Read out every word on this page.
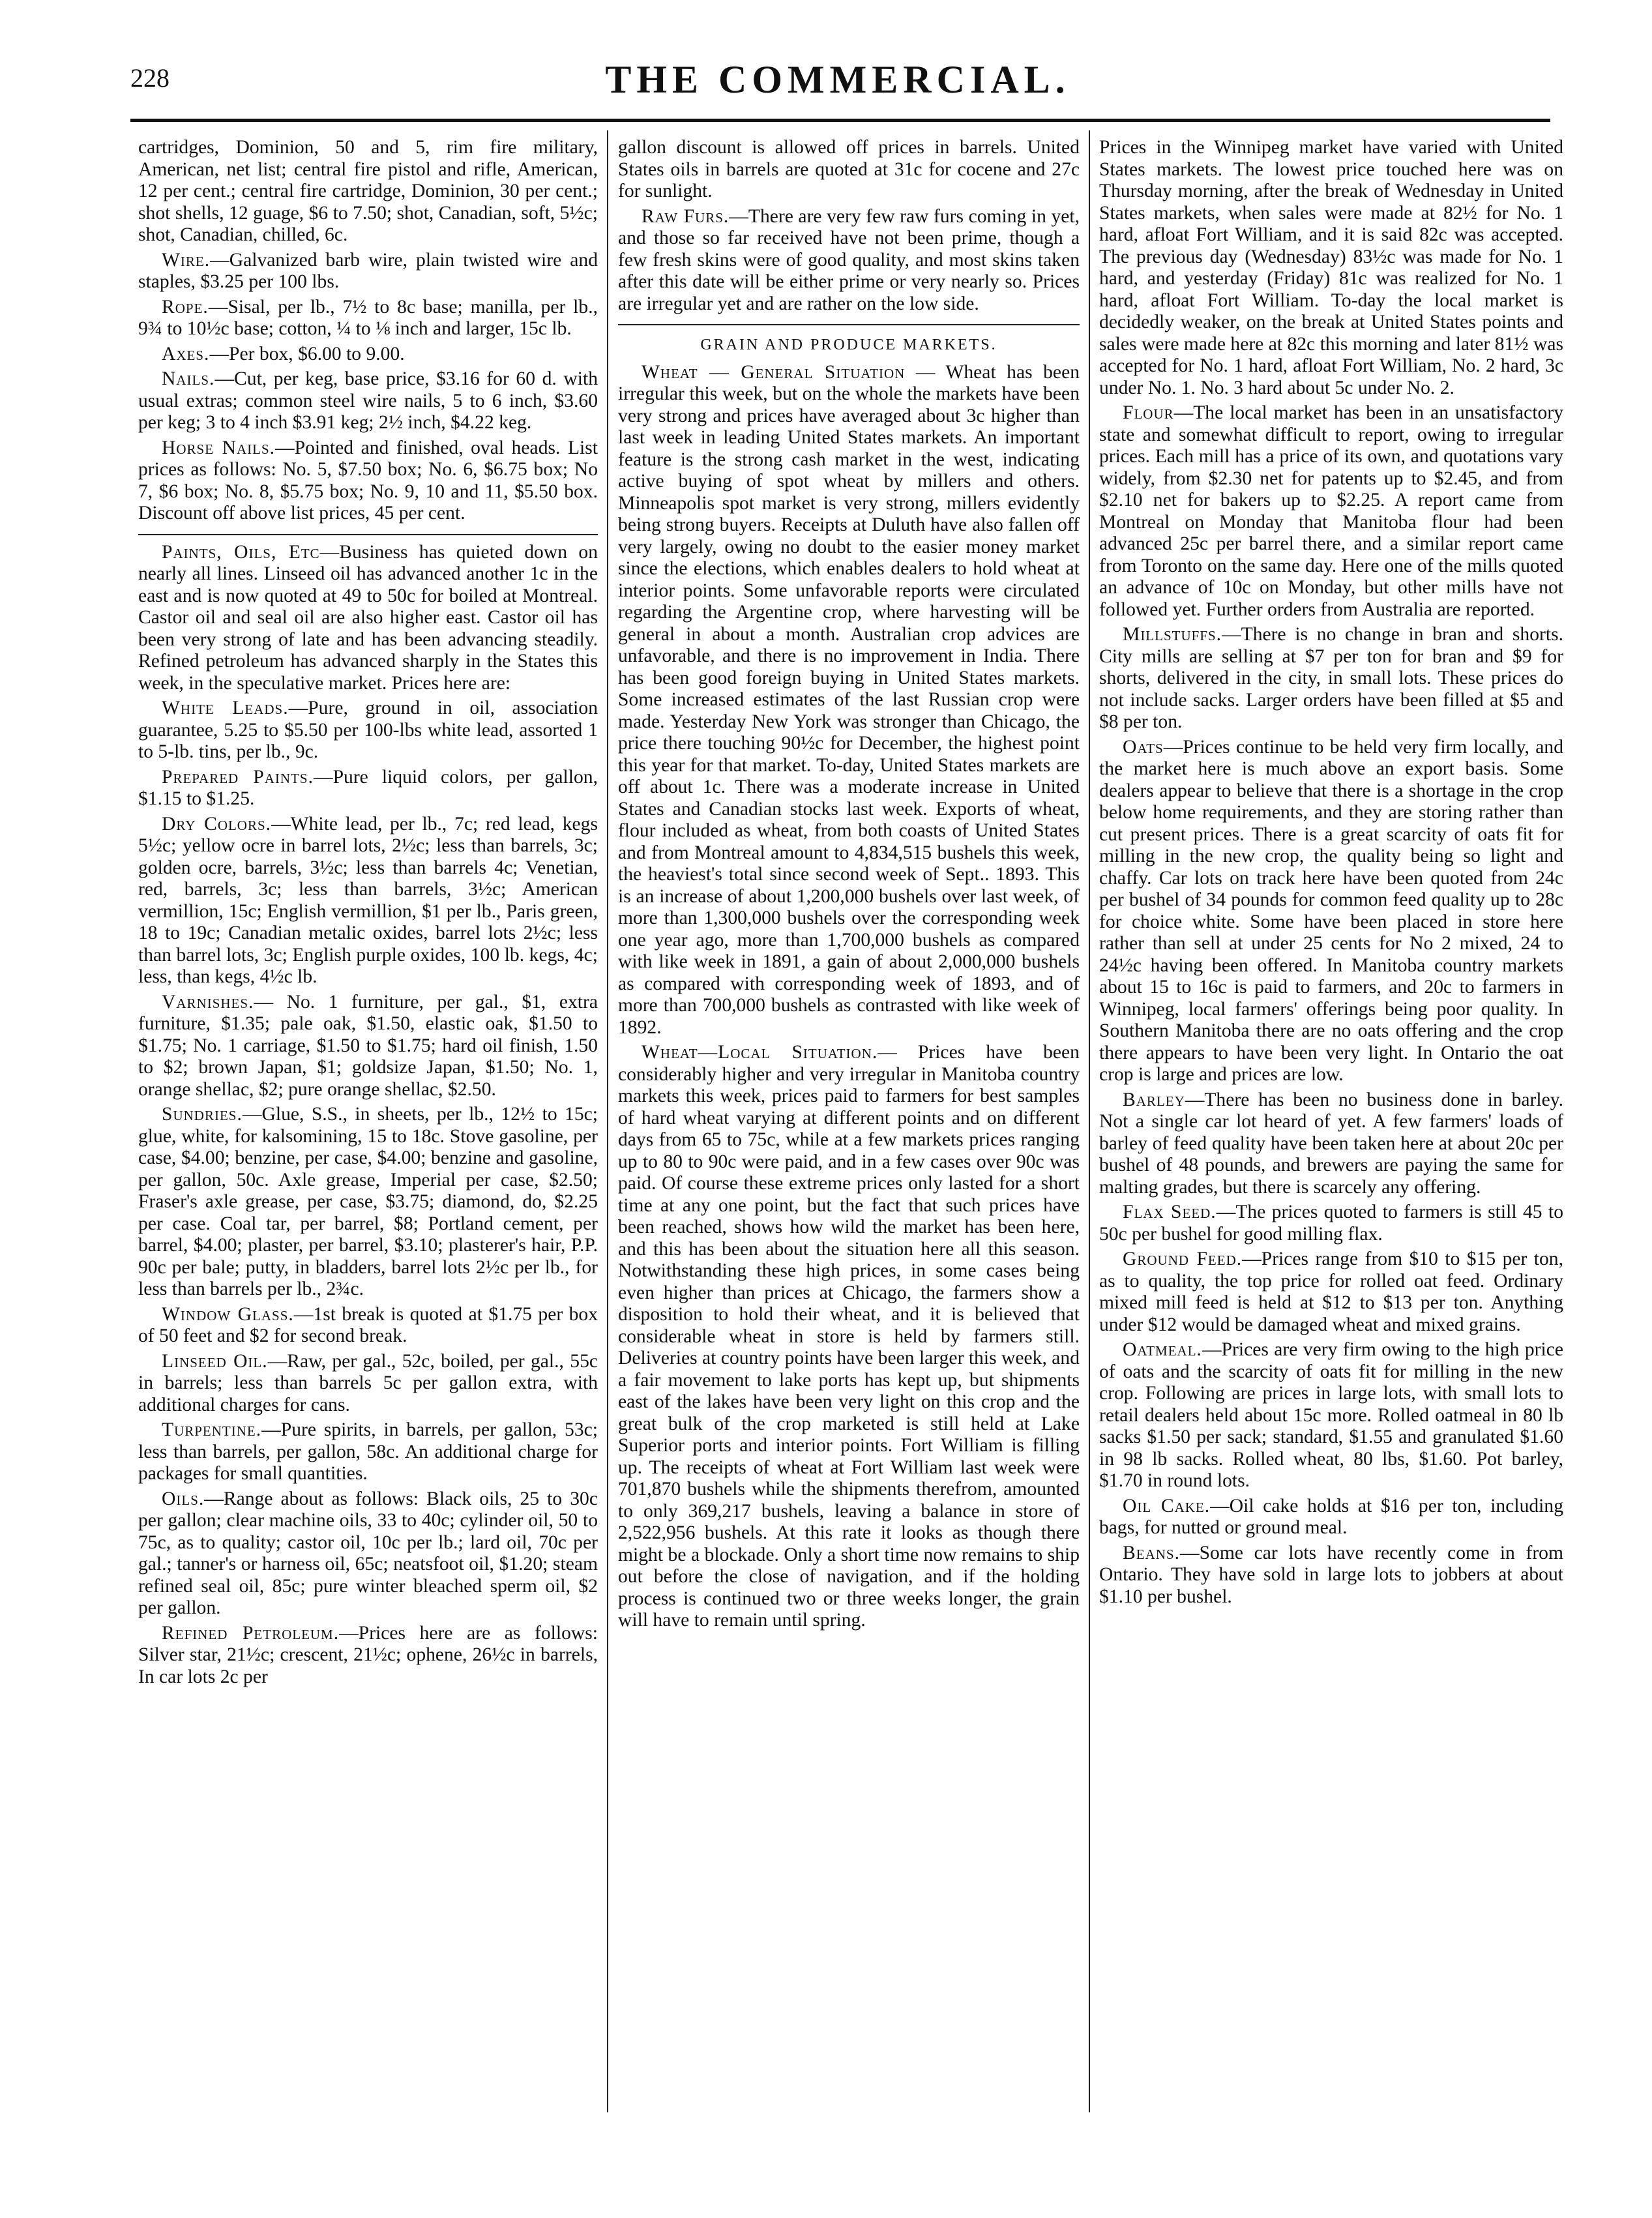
228	THE COMMERCIAL.

cartridges, Dominion, 50 and 5, rim fire military, American, net list; central fire pistol and rifle, American, 12 per cent.; central fire cartridge, Dominion, 30 per cent.; shot shells, 12 guage, $6 to 7.50; shot, Canadian, soft, 5½c; shot, Canadian, chilled, 6c.

Wire.—Galvanized barb wire, plain twisted wire and staples, $3.25 per 100 lbs.

Rope.—Sisal, per lb., 7½ to 8c base; manilla, per lb., 9¾ to 10½c base; cotton, ¼ to ⅛ inch and larger, 15c lb.

Axes.—Per box, $6.00 to 9.00.

Nails.—Cut, per keg, base price, $3.16 for 60 d. with usual extras; common steel wire nails, 5 to 6 inch, $3.60 per keg; 3 to 4 inch $3.91 keg; 2½ inch, $4.22 keg.

Horse Nails.—Pointed and finished, oval heads. List prices as follows: No. 5, $7.50 box; No. 6, $6.75 box; No 7, $6 box; No. 8, $5.75 box; No. 9, 10 and 11, $5.50 box. Discount off above list prices, 45 per cent.

Paints, Oils, Etc—Business has quieted down on nearly all lines. Linseed oil has advanced another 1c in the east and is now quoted at 49 to 50c for boiled at Montreal. Castor oil and seal oil are also higher east. Castor oil has been very strong of late and has been advancing steadily. Refined petroleum has advanced sharply in the States this week, in the speculative market. Prices here are:

White Leads.—Pure, ground in oil, association guarantee, 5.25 to $5.50 per 100-lbs white lead, assorted 1 to 5-lb. tins, per lb., 9c.

Prepared Paints.—Pure liquid colors, per gallon, $1.15 to $1.25.

Dry Colors.—White lead, per lb., 7c; red lead, kegs 5½c; yellow ocre in barrel lots, 2½c; less than barrels, 3c; golden ocre, barrels, 3½c; less than barrels 4c; Venetian, red, barrels, 3c; less than barrels, 3½c; American vermillion, 15c; English vermillion, $1 per lb., Paris green, 18 to 19c; Canadian metalic oxides, barrel lots 2½c; less than barrel lots, 3c; English purple oxides, 100 lb. kegs, 4c; less, than kegs, 4½c lb.

Varnishes.— No. 1 furniture, per gal., $1, extra furniture, $1.35; pale oak, $1.50, elastic oak, $1.50 to $1.75; No. 1 carriage, $1.50 to $1.75; hard oil finish, 1.50 to $2; brown Japan, $1; goldsize Japan, $1.50; No. 1, orange shellac, $2; pure orange shellac, $2.50.

Sundries.—Glue, S.S., in sheets, per lb., 12½ to 15c; glue, white, for kalsomining, 15 to 18c. Stove gasoline, per case, $4.00; benzine, per case, $4.00; benzine and gasoline, per gallon, 50c. Axle grease, Imperial per case, $2.50; Fraser's axle grease, per case, $3.75; diamond, do, $2.25 per case. Coal tar, per barrel, $8; Portland cement, per barrel, $4.00; plaster, per barrel, $3.10; plasterer's hair, P.P. 90c per bale; putty, in bladders, barrel lots 2½c per lb., for less than barrels per lb., 2¾c.

Window Glass.—1st break is quoted at $1.75 per box of 50 feet and $2 for second break.

Linseed Oil.—Raw, per gal., 52c, boiled, per gal., 55c in barrels; less than barrels 5c per gallon extra, with additional charges for cans.

Turpentine.—Pure spirits, in barrels, per gallon, 53c; less than barrels, per gallon, 58c. An additional charge for packages for small quantities.

Oils.—Range about as follows: Black oils, 25 to 30c per gallon; clear machine oils, 33 to 40c; cylinder oil, 50 to 75c, as to quality; castor oil, 10c per lb.; lard oil, 70c per gal.; tanner's or harness oil, 65c; neatsfoot oil, $1.20; steam refined seal oil, 85c; pure winter bleached sperm oil, $2 per gallon.

Refined Petroleum.—Prices here are as follows: Silver star, 21½c; crescent, 21½c; ophene, 26½c in barrels, In car lots 2c per

gallon discount is allowed off prices in barrels. United States oils in barrels are quoted at 31c for cocene and 27c for sunlight.

Raw Furs.—There are very few raw furs coming in yet, and those so far received have not been prime, though a few fresh skins were of good quality, and most skins taken after this date will be either prime or very nearly so. Prices are irregular yet and are rather on the low side.

GRAIN AND PRODUCE MARKETS.

Wheat — General Situation — Wheat has been irregular this week, but on the whole the markets have been very strong and prices have averaged about 3c higher than last week in leading United States markets. An important feature is the strong cash market in the west, indicating active buying of spot wheat by millers and others. Minneapolis spot market is very strong, millers evidently being strong buyers. Receipts at Duluth have also fallen off very largely, owing no doubt to the easier money market since the elections, which enables dealers to hold wheat at interior points. Some unfavorable reports were circulated regarding the Argentine crop, where harvesting will be general in about a month. Australian crop advices are unfavorable, and there is no improvement in India. There has been good foreign buying in United States markets. Some increased estimates of the last Russian crop were made. Yesterday New York was stronger than Chicago, the price there touching 90½c for December, the highest point this year for that market. To-day, United States markets are off about 1c. There was a moderate increase in United States and Canadian stocks last week. Exports of wheat, flour included as wheat, from both coasts of United States and from Montreal amount to 4,834,515 bushels this week, the heaviest's total since second week of Sept.. 1893. This is an increase of about 1,200,000 bushels over last week, of more than 1,300,000 bushels over the corresponding week one year ago, more than 1,700,000 bushels as compared with like week in 1891, a gain of about 2,000,000 bushels as compared with corresponding week of 1893, and of more than 700,000 bushels as contrasted with like week of 1892.

Wheat—Local Situation.— Prices have been considerably higher and very irregular in Manitoba country markets this week, prices paid to farmers for best samples of hard wheat varying at different points and on different days from 65 to 75c, while at a few markets prices ranging up to 80 to 90c were paid, and in a few cases over 90c was paid. Of course these extreme prices only lasted for a short time at any one point, but the fact that such prices have been reached, shows how wild the market has been here, and this has been about the situation here all this season. Notwithstanding these high prices, in some cases being even higher than prices at Chicago, the farmers show a disposition to hold their wheat, and it is believed that considerable wheat in store is held by farmers still. Deliveries at country points have been larger this week, and a fair movement to lake ports has kept up, but shipments east of the lakes have been very light on this crop and the great bulk of the crop marketed is still held at Lake Superior ports and interior points. Fort William is filling up. The receipts of wheat at Fort William last week were 701,870 bushels while the shipments therefrom, amounted to only 369,217 bushels, leaving a balance in store of 2,522,956 bushels. At this rate it looks as though there might be a blockade. Only a short time now remains to ship out before the close of navigation, and if the holding process is continued two or three weeks longer, the grain will have to remain until spring.

Prices in the Winnipeg market have varied with United States markets. The lowest price touched here was on Thursday morning, after the break of Wednesday in United States markets, when sales were made at 82½ for No. 1 hard, afloat Fort William, and it is said 82c was accepted. The previous day (Wednesday) 83½c was made for No. 1 hard, and yesterday (Friday) 81c was realized for No. 1 hard, afloat Fort William. To-day the local market is decidedly weaker, on the break at United States points and sales were made here at 82c this morning and later 81½ was accepted for No. 1 hard, afloat Fort William, No. 2 hard, 3c under No. 1. No. 3 hard about 5c under No. 2.

Flour—The local market has been in an unsatisfactory state and somewhat difficult to report, owing to irregular prices. Each mill has a price of its own, and quotations vary widely, from $2.30 net for patents up to $2.45, and from $2.10 net for bakers up to $2.25. A report came from Montreal on Monday that Manitoba flour had been advanced 25c per barrel there, and a similar report came from Toronto on the same day. Here one of the mills quoted an advance of 10c on Monday, but other mills have not followed yet. Further orders from Australia are reported.

Millstuffs.—There is no change in bran and shorts. City mills are selling at $7 per ton for bran and $9 for shorts, delivered in the city, in small lots. These prices do not include sacks. Larger orders have been filled at $5 and $8 per ton.

Oats—Prices continue to be held very firm locally, and the market here is much above an export basis. Some dealers appear to believe that there is a shortage in the crop below home requirements, and they are storing rather than cut present prices. There is a great scarcity of oats fit for milling in the new crop, the quality being so light and chaffy. Car lots on track here have been quoted from 24c per bushel of 34 pounds for common feed quality up to 28c for choice white. Some have been placed in store here rather than sell at under 25 cents for No 2 mixed, 24 to 24½c having been offered. In Manitoba country markets about 15 to 16c is paid to farmers, and 20c to farmers in Winnipeg, local farmers' offerings being poor quality. In Southern Manitoba there are no oats offering and the crop there appears to have been very light. In Ontario the oat crop is large and prices are low.

Barley—There has been no business done in barley. Not a single car lot heard of yet. A few farmers' loads of barley of feed quality have been taken here at about 20c per bushel of 48 pounds, and brewers are paying the same for malting grades, but there is scarcely any offering.

Flax Seed.—The prices quoted to farmers is still 45 to 50c per bushel for good milling flax.

Ground Feed.—Prices range from $10 to $15 per ton, as to quality, the top price for rolled oat feed. Ordinary mixed mill feed is held at $12 to $13 per ton. Anything under $12 would be damaged wheat and mixed grains.

Oatmeal.—Prices are very firm owing to the high price of oats and the scarcity of oats fit for milling in the new crop. Following are prices in large lots, with small lots to retail dealers held about 15c more. Rolled oatmeal in 80 lb sacks $1.50 per sack; standard, $1.55 and granulated $1.60 in 98 lb sacks. Rolled wheat, 80 lbs, $1.60. Pot barley, $1.70 in round lots.

Oil Cake.—Oil cake holds at $16 per ton, including bags, for nutted or ground meal.

Beans.—Some car lots have recently come in from Ontario. They have sold in large lots to jobbers at about $1.10 per bushel.
